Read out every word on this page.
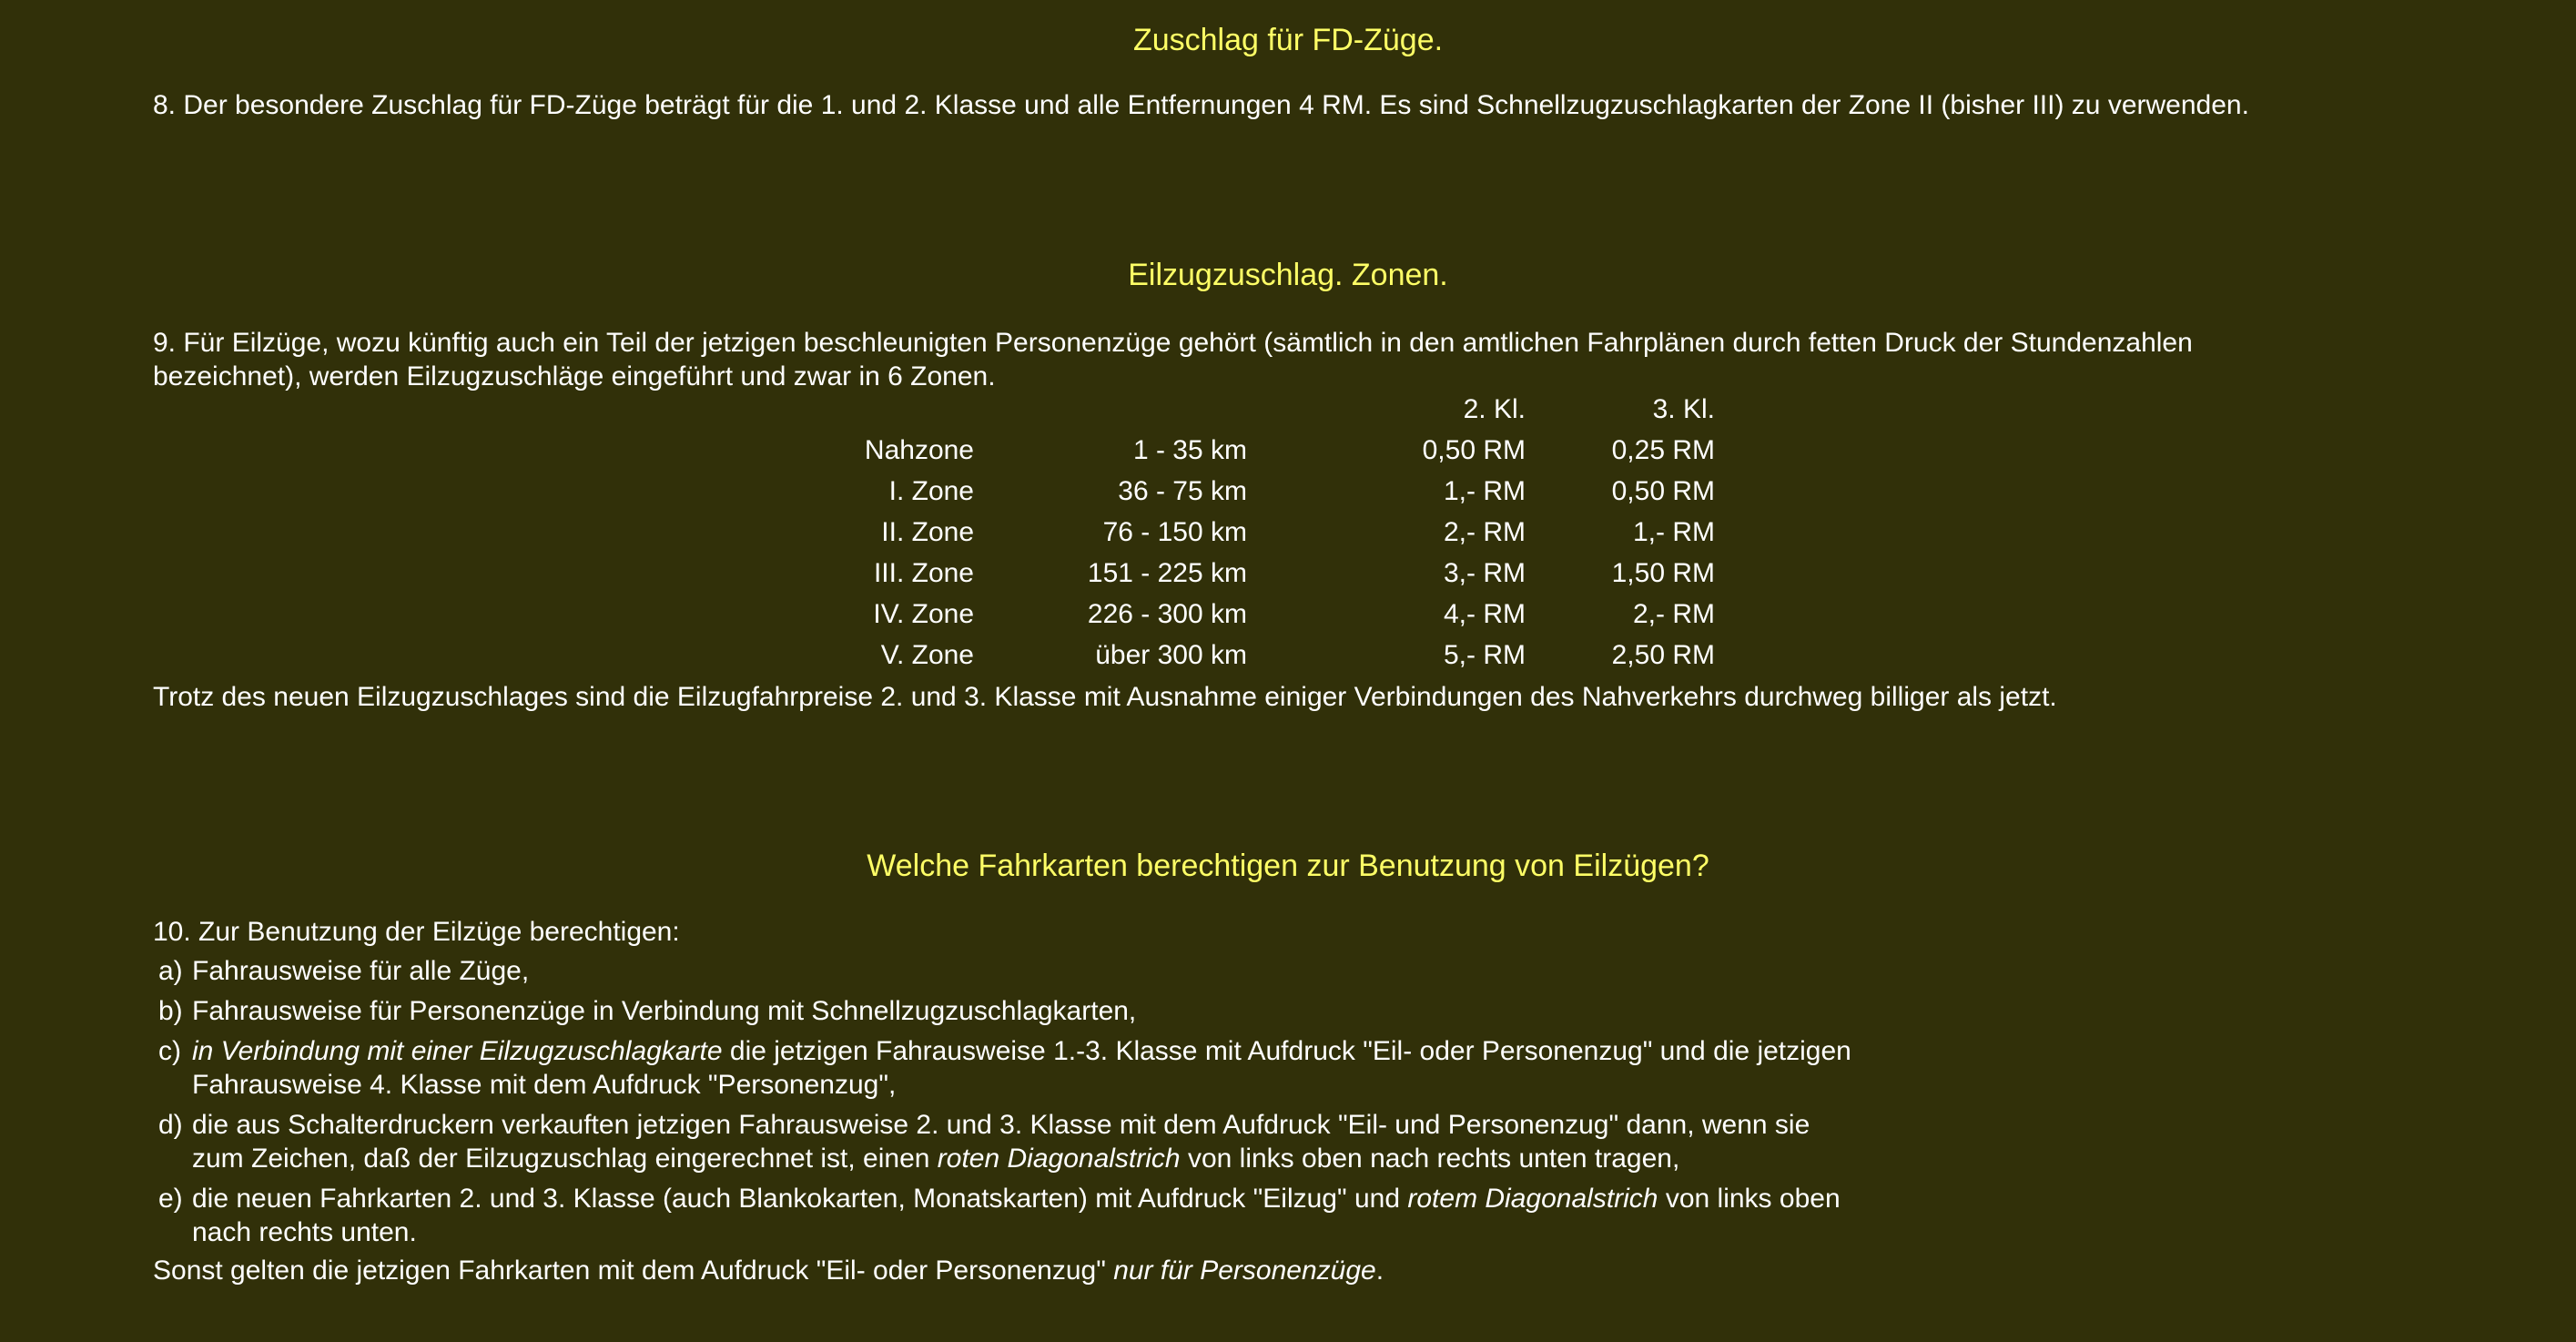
Zuschlag für FD-Züge.

8. Der besondere Zuschlag für FD-Züge beträgt für die 1. und 2. Klasse und alle Entfernungen 4 RM. Es sind Schnellzugzuschlagkarten der Zone II (bisher III) zu verwenden.

Eilzugzuschlag. Zonen.

9. Für Eilzüge, wozu künftig auch ein Teil der jetzigen beschleunigten Personenzüge gehört (sämtlich in den amtlichen Fahrplänen durch fetten Druck der Stundenzahlen
bezeichnet), werden Eilzugzuschläge eingeführt und zwar in 6 Zonen.

		2. Kl.	3. Kl.
Nahzone	1 - 35 km	0,50 RM	0,25 RM
I. Zone	36 - 75 km	1,- RM	0,50 RM
II. Zone	76 - 150 km	2,- RM	1,- RM
III. Zone	151 - 225 km	3,- RM	1,50 RM
IV. Zone	226 - 300 km	4,- RM	2,- RM
V. Zone	über 300 km	5,- RM	2,50 RM

Trotz des neuen Eilzugzuschlages sind die Eilzugfahrpreise 2. und 3. Klasse mit Ausnahme einiger Verbindungen des Nahverkehrs durchweg billiger als jetzt.

Welche Fahrkarten berechtigen zur Benutzung von Eilzügen?

10. Zur Benutzung der Eilzüge berechtigen:

a) Fahrausweise für alle Züge,
b) Fahrausweise für Personenzüge in Verbindung mit Schnellzugzuschlagkarten,
c) in Verbindung mit einer Eilzugzuschlagkarte die jetzigen Fahrausweise 1.-3. Klasse mit Aufdruck "Eil- oder Personenzug" und die jetzigen
Fahrausweise 4. Klasse mit dem Aufdruck "Personenzug",
d) die aus Schalterdruckern verkauften jetzigen Fahrausweise 2. und 3. Klasse mit dem Aufdruck "Eil- und Personenzug" dann, wenn sie
zum Zeichen, daß der Eilzugzuschlag eingerechnet ist, einen roten Diagonalstrich von links oben nach rechts unten tragen,
e) die neuen Fahrkarten 2. und 3. Klasse (auch Blankokarten, Monatskarten) mit Aufdruck "Eilzug" und rotem Diagonalstrich von links oben
nach rechts unten.

Sonst gelten die jetzigen Fahrkarten mit dem Aufdruck "Eil- oder Personenzug" nur für Personenzüge.
